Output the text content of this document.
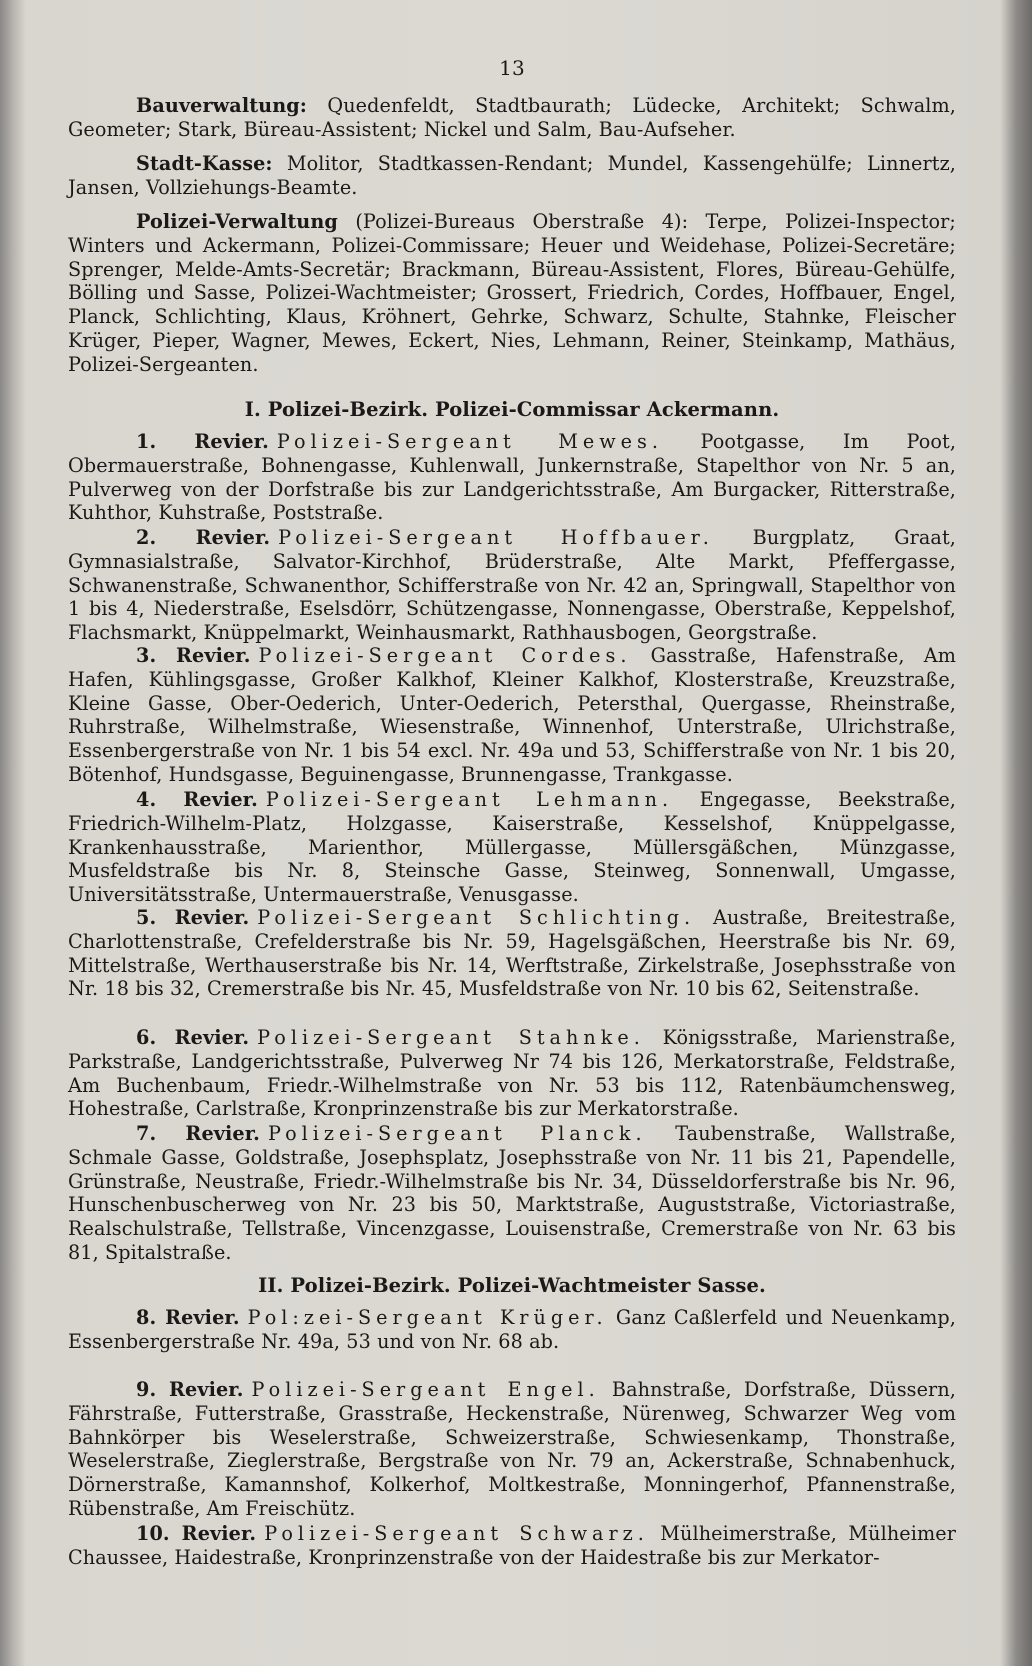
13

Bauverwaltung: Quedenfeldt, Stadtbaurath; Lüdecke, Architekt; Schwalm, Geometer; Stark, Büreau-Assistent; Nickel und Salm, Bau-Aufseher.

Stadt-Kasse: Molitor, Stadtkassen-Rendant; Mundel, Kassengehülfe; Linnertz, Jansen, Vollziehungs-Beamte.

Polizei-Verwaltung (Polizei-Bureaus Oberstraße 4): Terpe, Polizei-Inspector; Winters und Ackermann, Polizei-Commissare; Heuer und Weidehase, Polizei-Secretäre; Sprenger, Melde-Amts-Secretär; Brackmann, Büreau-Assistent, Flores, Büreau-Gehülfe, Bölling und Sasse, Polizei-Wachtmeister; Grossert, Friedrich, Cordes, Hoffbauer, Engel, Planck, Schlichting, Klaus, Kröhnert, Gehrke, Schwarz, Schulte, Stahnke, Fleischer Krüger, Pieper, Wagner, Mewes, Eckert, Nies, Lehmann, Reiner, Steinkamp, Mathäus, Polizei-Sergeanten.

I. Polizei-Bezirk. Polizei-Commissar Ackermann.

1. Revier. Polizei-Sergeant Mewes. Pootgasse, Im Poot, Obermauerstraße, Bohnengasse, Kuhlenwall, Junkernstraße, Stapelthor von Nr. 5 an, Pulverweg von der Dorfstraße bis zur Landgerichtsstraße, Am Burgacker, Ritterstraße, Kuhthor, Kuhstraße, Poststraße.

2. Revier. Polizei-Sergeant Hoffbauer. Burgplatz, Graat, Gymnasialstraße, Salvator-Kirchhof, Brüderstraße, Alte Markt, Pfeffergasse, Schwanenstraße, Schwanenthor, Schifferstraße von Nr. 42 an, Springwall, Stapelthor von 1 bis 4, Niederstraße, Eselsdörr, Schützengasse, Nonnengasse, Oberstraße, Keppelshof, Flachsmarkt, Knüppelmarkt, Weinhausmarkt, Rathhausbogen, Georgstraße.

3. Revier. Polizei-Sergeant Cordes. Gasstraße, Hafenstraße, Am Hafen, Kühlingsgasse, Großer Kalkhof, Kleiner Kalkhof, Klosterstraße, Kreuzstraße, Kleine Gasse, Ober-Oederich, Unter-Oederich, Petersthal, Quergasse, Rheinstraße, Ruhrstraße, Wilhelmstraße, Wiesenstraße, Winnenhof, Unterstraße, Ulrichstraße, Essenbergerstraße von Nr. 1 bis 54 excl. Nr. 49a und 53, Schifferstraße von Nr. 1 bis 20, Bötenhof, Hundsgasse, Beguinengasse, Brunnengasse, Trankgasse.

4. Revier. Polizei-Sergeant Lehmann. Engegasse, Beekstraße, Friedrich-Wilhelm-Platz, Holzgasse, Kaiserstraße, Kesselshof, Knüppelgasse, Krankenhausstraße, Marienthor, Müllergasse, Müllersgäßchen, Münzgasse, Musfeldstraße bis Nr. 8, Steinsche Gasse, Steinweg, Sonnenwall, Umgasse, Universitätsstraße, Untermauerstraße, Venusgasse.

5. Revier. Polizei-Sergeant Schlichting. Austraße, Breitestraße, Charlottenstraße, Crefelderstraße bis Nr. 59, Hagelsgäßchen, Heerstraße bis Nr. 69, Mittelstraße, Werthauserstraße bis Nr. 14, Werftstraße, Zirkelstraße, Josephsstraße von Nr. 18 bis 32, Cremerstraße bis Nr. 45, Musfeldstraße von Nr. 10 bis 62, Seitenstraße.

6. Revier. Polizei-Sergeant Stahnke. Königsstraße, Marienstraße, Parkstraße, Landgerichtsstraße, Pulverweg Nr 74 bis 126, Merkatorstraße, Feldstraße, Am Buchenbaum, Friedr.-Wilhelmstraße von Nr. 53 bis 112, Ratenbäumchensweg, Hohestraße, Carlstraße, Kronprinzenstraße bis zur Merkatorstraße.

7. Revier. Polizei-Sergeant Planck. Taubenstraße, Wallstraße, Schmale Gasse, Goldstraße, Josephsplatz, Josephsstraße von Nr. 11 bis 21, Papendelle, Grünstraße, Neustraße, Friedr.-Wilhelmstraße bis Nr. 34, Düsseldorferstraße bis Nr. 96, Hunschenbuscherweg von Nr. 23 bis 50, Marktstraße, Auguststraße, Victoriastraße, Realschulstraße, Tellstraße, Vincenzgasse, Louisenstraße, Cremerstraße von Nr. 63 bis 81, Spitalstraße.

II. Polizei-Bezirk. Polizei-Wachtmeister Sasse.

8. Revier. Pol:zei-Sergeant Krüger. Ganz Caßlerfeld und Neuenkamp, Essenbergerstraße Nr. 49a, 53 und von Nr. 68 ab.

9. Revier. Polizei-Sergeant Engel. Bahnstraße, Dorfstraße, Düssern, Fährstraße, Futterstraße, Grasstraße, Heckenstraße, Nürenweg, Schwarzer Weg vom Bahnkörper bis Weselerstraße, Schweizerstraße, Schwiesenkamp, Thonstraße, Weselerstraße, Zieglerstraße, Bergstraße von Nr. 79 an, Ackerstraße, Schnabenhuck, Dörnerstraße, Kamannshof, Kolkerhof, Moltkestraße, Monningerhof, Pfannenstraße, Rübenstraße, Am Freischütz.

10. Revier. Polizei-Sergeant Schwarz. Mülheimerstraße, Mülheimer Chaussee, Haidestraße, Kronprinzenstraße von der Haidestraße bis zur Merkator-
